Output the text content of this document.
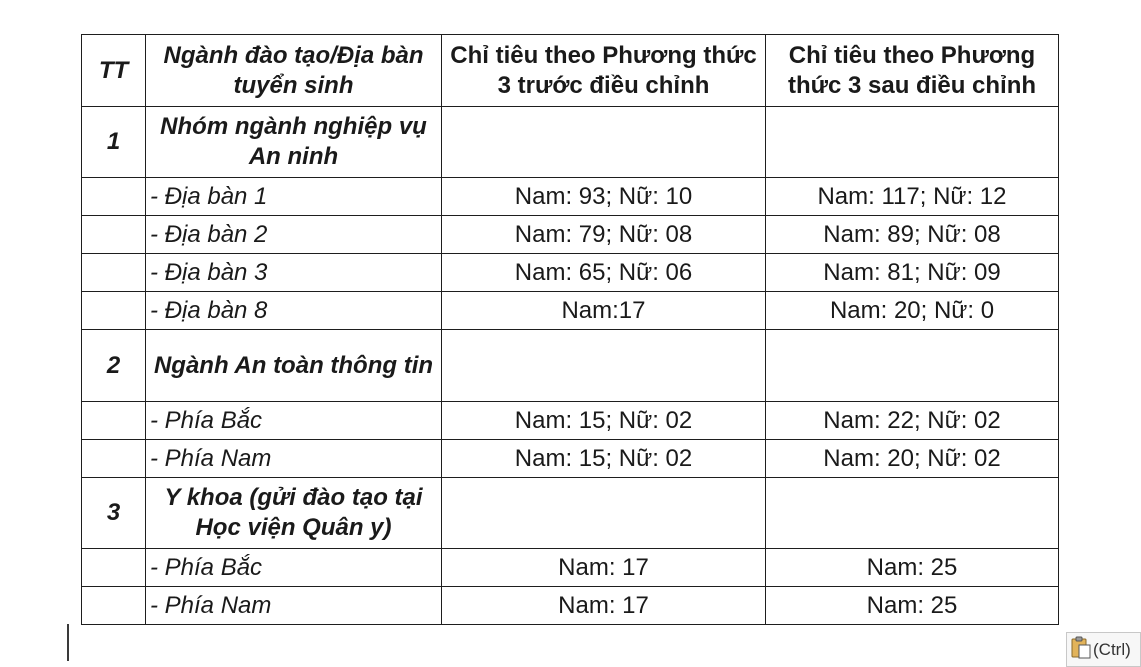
TT	Ngành đào tạo/Địa bàn tuyển sinh	Chỉ tiêu theo Phương thức 3 trước điều chỉnh	Chỉ tiêu theo Phương thức 3 sau điều chỉnh
1	Nhóm ngành nghiệp vụ An ninh		
	- Địa bàn 1	Nam: 93; Nữ: 10	Nam: 117; Nữ: 12
	- Địa bàn 2	Nam: 79; Nữ: 08	Nam: 89; Nữ: 08
	- Địa bàn 3	Nam: 65; Nữ: 06	Nam: 81; Nữ: 09
	- Địa bàn 8	Nam:17	Nam: 20; Nữ: 0
2	Ngành An toàn thông tin		
	- Phía Bắc	Nam: 15; Nữ: 02	Nam: 22; Nữ: 02
	- Phía Nam	Nam: 15; Nữ: 02	Nam: 20; Nữ: 02
3	Y khoa (gửi đào tạo tại Học viện Quân y)		
	- Phía Bắc	Nam: 17	Nam: 25
	- Phía Nam	Nam: 17	Nam: 25
(Ctrl)
